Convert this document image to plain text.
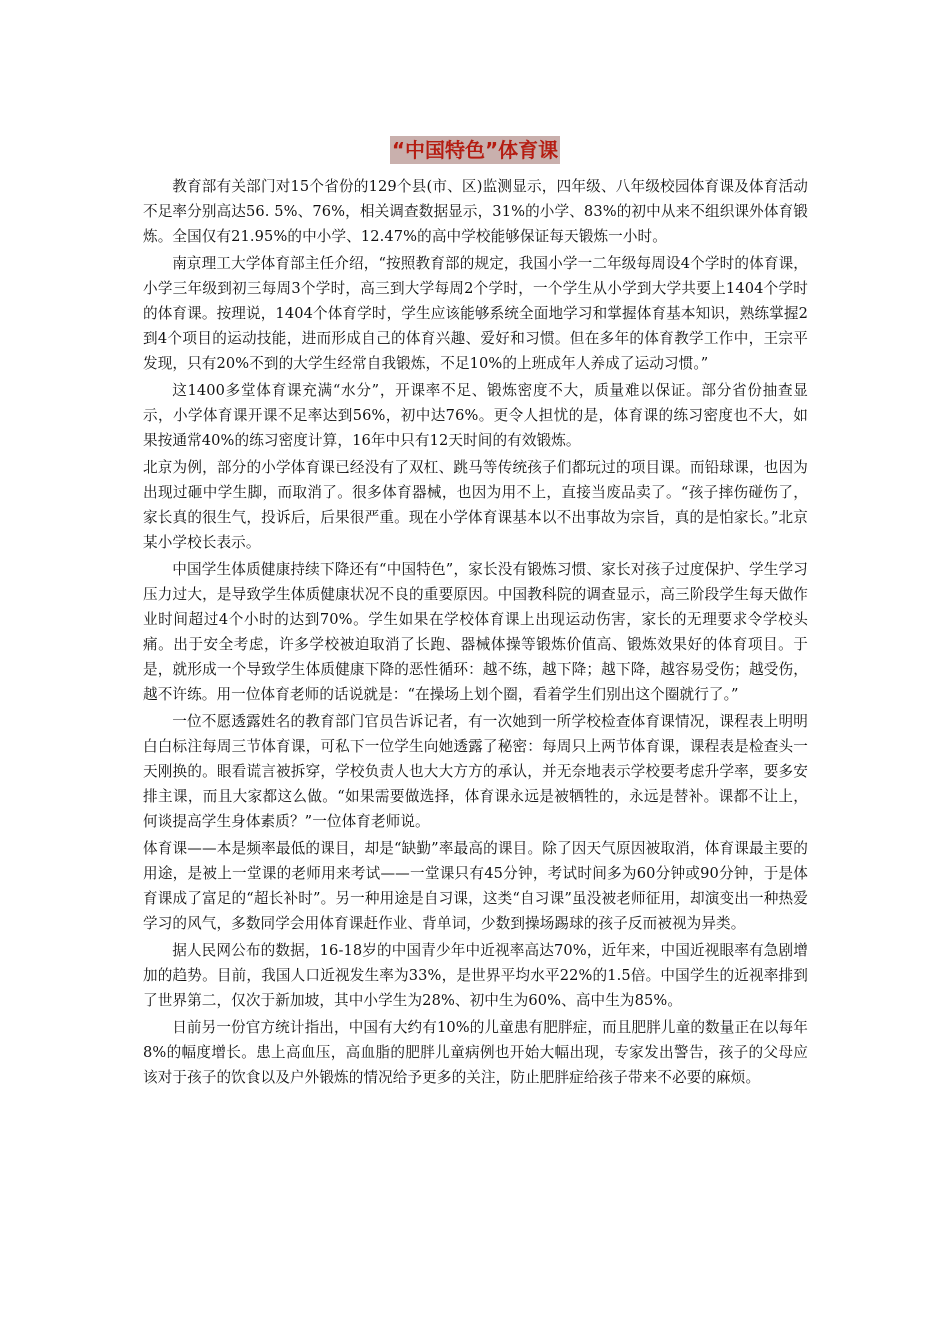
“中国特色”体育课

教育部有关部门对15个省份的129个县(市、区)监测显示，四年级、八年级校园体育课及体育活动不足率分别高达56. 5%、76%，相关调查数据显示，31%的小学、83%的初中从来不组织课外体育锻炼。全国仅有21.95%的中小学、12.47%的高中学校能够保证每天锻炼一小时。

南京理工大学体育部主任介绍，“按照教育部的规定，我国小学一二年级每周设4个学时的体育课，小学三年级到初三每周3个学时，高三到大学每周2个学时，一个学生从小学到大学共要上1404个学时的体育课。按理说，1404个体育学时，学生应该能够系统全面地学习和掌握体育基本知识，熟练掌握2到4个项目的运动技能，进而形成自己的体育兴趣、爱好和习惯。但在多年的体育教学工作中，王宗平发现，只有20%不到的大学生经常自我锻炼，不足10%的上班成年人养成了运动习惯。”

这1400多堂体育课充满“水分”，开课率不足、锻炼密度不大，质量难以保证。部分省份抽查显示，小学体育课开课不足率达到56%，初中达76%。更令人担忧的是，体育课的练习密度也不大，如果按通常40%的练习密度计算，16年中只有12天时间的有效锻炼。

北京为例，部分的小学体育课已经没有了双杠、跳马等传统孩子们都玩过的项目课。而铅球课，也因为出现过砸中学生脚，而取消了。很多体育器械，也因为用不上，直接当废品卖了。“孩子摔伤碰伤了，家长真的很生气，投诉后，后果很严重。现在小学体育课基本以不出事故为宗旨，真的是怕家长。”北京某小学校长表示。

中国学生体质健康持续下降还有“中国特色”，家长没有锻炼习惯、家长对孩子过度保护、学生学习压力过大，是导致学生体质健康状况不良的重要原因。中国教科院的调查显示，高三阶段学生每天做作业时间超过4个小时的达到70%。学生如果在学校体育课上出现运动伤害，家长的无理要求令学校头痛。出于安全考虑，许多学校被迫取消了长跑、器械体操等锻炼价值高、锻炼效果好的体育项目。于是，就形成一个导致学生体质健康下降的恶性循环：越不练，越下降；越下降，越容易受伤；越受伤，越不许练。用一位体育老师的话说就是：“在操场上划个圈，看着学生们别出这个圈就行了。”

一位不愿透露姓名的教育部门官员告诉记者，有一次她到一所学校检查体育课情况，课程表上明明白白标注每周三节体育课，可私下一位学生向她透露了秘密：每周只上两节体育课，课程表是检查头一天刚换的。眼看谎言被拆穿，学校负责人也大大方方的承认，并无奈地表示学校要考虑升学率，要多安排主课，而且大家都这么做。“如果需要做选择，体育课永远是被牺牲的，永远是替补。课都不让上，何谈提高学生身体素质？”一位体育老师说。

体育课——本是频率最低的课目，却是“缺勤”率最高的课目。除了因天气原因被取消，体育课最主要的用途，是被上一堂课的老师用来考试——一堂课只有45分钟，考试时间多为60分钟或90分钟，于是体育课成了富足的“超长补时”。另一种用途是自习课，这类“自习课”虽没被老师征用，却演变出一种热爱学习的风气，多数同学会用体育课赶作业、背单词，少数到操场踢球的孩子反而被视为异类。

据人民网公布的数据，16-18岁的中国青少年中近视率高达70%，近年来，中国近视眼率有急剧增加的趋势。目前，我国人口近视发生率为33%，是世界平均水平22%的1.5倍。中国学生的近视率排到了世界第二，仅次于新加坡，其中小学生为28%、初中生为60%、高中生为85%。

日前另一份官方统计指出，中国有大约有10%的儿童患有肥胖症，而且肥胖儿童的数量正在以每年8%的幅度增长。患上高血压，高血脂的肥胖儿童病例也开始大幅出现，专家发出警告，孩子的父母应该对于孩子的饮食以及户外锻炼的情况给予更多的关注，防止肥胖症给孩子带来不必要的麻烦。
